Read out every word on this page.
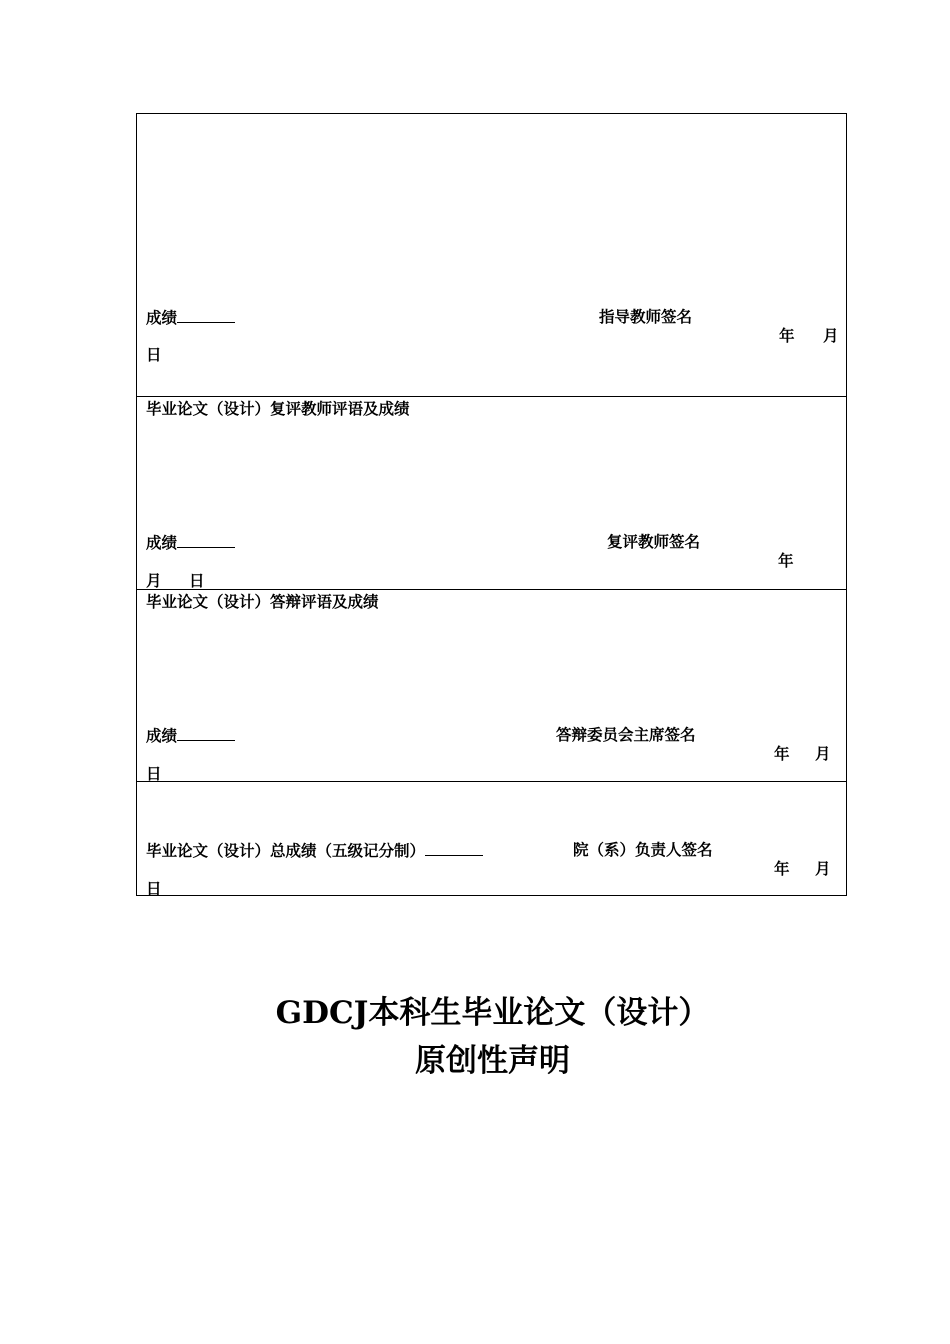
成绩	指导教师签名
年 月
日
毕业论文（设计）复评教师评语及成绩
成绩	复评教师签名
年
月 日
毕业论文（设计）答辩评语及成绩
成绩	答辩委员会主席签名
年 月
日
毕业论文（设计）总成绩（五级记分制）	院（系）负责人签名
年 月
日
GDCJ本科生毕业论文（设计）
原创性声明
